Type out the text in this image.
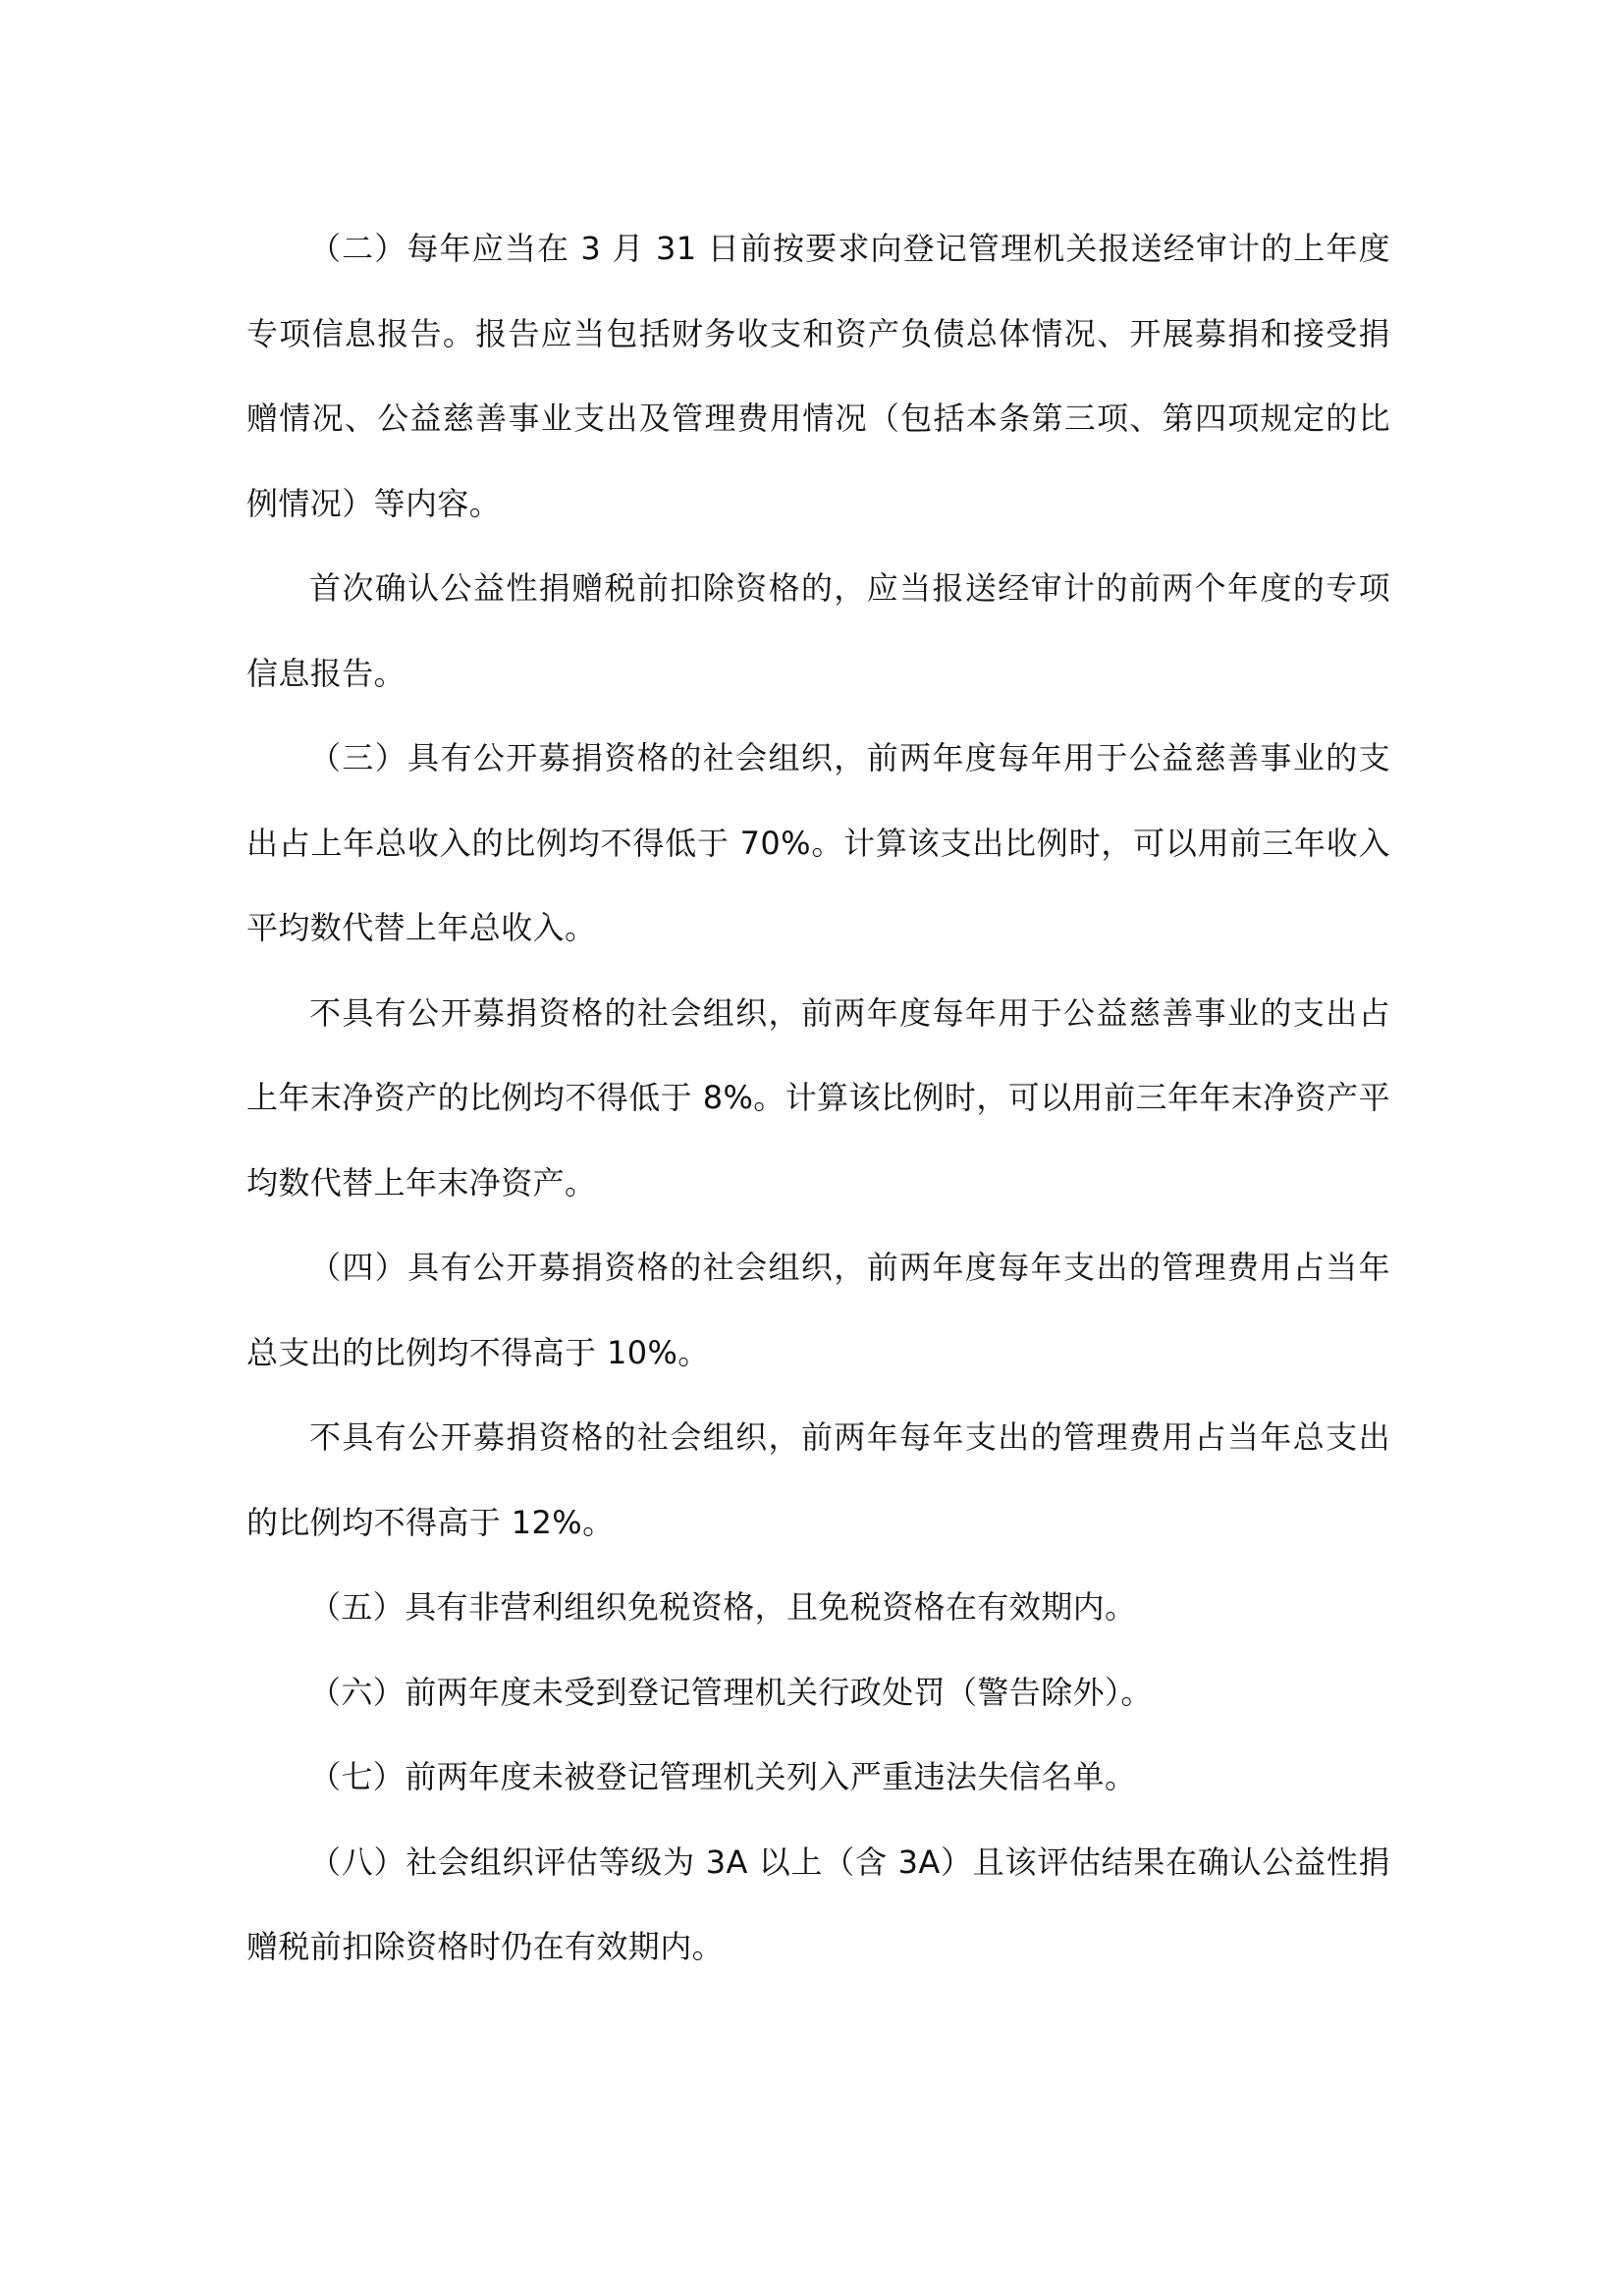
（二）每年应当在 3 月 31 日前按要求向登记管理机关报送经审计的上年度专项信息报告。报告应当包括财务收支和资产负债总体情况、开展募捐和接受捐赠情况、公益慈善事业支出及管理费用情况（包括本条第三项、第四项规定的比例情况）等内容。

首次确认公益性捐赠税前扣除资格的，应当报送经审计的前两个年度的专项信息报告。

（三）具有公开募捐资格的社会组织，前两年度每年用于公益慈善事业的支出占上年总收入的比例均不得低于 70%。计算该支出比例时，可以用前三年收入平均数代替上年总收入。

不具有公开募捐资格的社会组织，前两年度每年用于公益慈善事业的支出占上年末净资产的比例均不得低于 8%。计算该比例时，可以用前三年年末净资产平均数代替上年末净资产。

（四）具有公开募捐资格的社会组织，前两年度每年支出的管理费用占当年总支出的比例均不得高于 10%。

不具有公开募捐资格的社会组织，前两年每年支出的管理费用占当年总支出的比例均不得高于 12%。

（五）具有非营利组织免税资格，且免税资格在有效期内。

（六）前两年度未受到登记管理机关行政处罚（警告除外）。

（七）前两年度未被登记管理机关列入严重违法失信名单。

（八）社会组织评估等级为 3A 以上（含 3A）且该评估结果在确认公益性捐赠税前扣除资格时仍在有效期内。
